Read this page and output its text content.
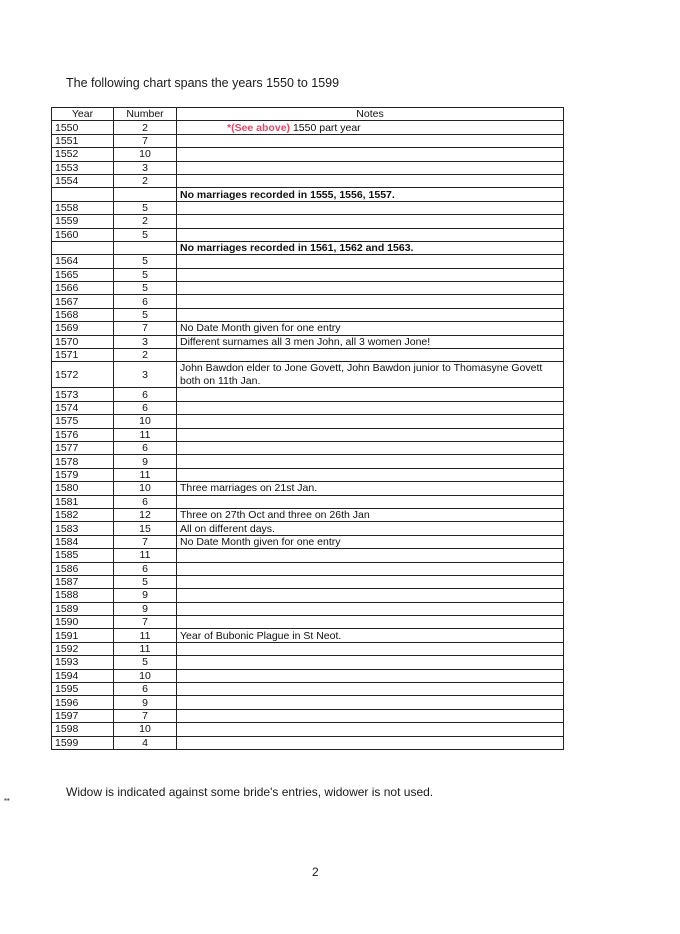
The following chart spans the years 1550 to 1599
Year	Number	Notes
1550	2	*(See above) 1550 part year
1551	7	
1552	10	
1553	3	
1554	2	
		No marriages recorded in 1555, 1556, 1557.
1558	5	
1559	2	
1560	5	
		No marriages recorded in 1561, 1562 and 1563.
1564	5	
1565	5	
1566	5	
1567	6	
1568	5	
1569	7	No Date Month given for one entry
1570	3	Different surnames all 3 men John, all 3 women Jone!
1571	2	
1572	3	John Bawdon elder to Jone Govett, John Bawdon junior to Thomasyne Govett both on 11th Jan.
1573	6	
1574	6	
1575	10	
1576	11	
1577	6	
1578	9	
1579	11	
1580	10	Three marriages on 21st Jan.
1581	6	
1582	12	Three on 27th Oct and three on 26th Jan
1583	15	All on different days.
1584	7	No Date Month given for one entry
1585	11	
1586	6	
1587	5	
1588	9	
1589	9	
1590	7	
1591	11	Year of Bubonic Plague in St Neot.
1592	11	
1593	5	
1594	10	
1595	6	
1596	9	
1597	7	
1598	10	
1599	4	
Widow is indicated against some bride's entries, widower is not used.
2
▪▪
